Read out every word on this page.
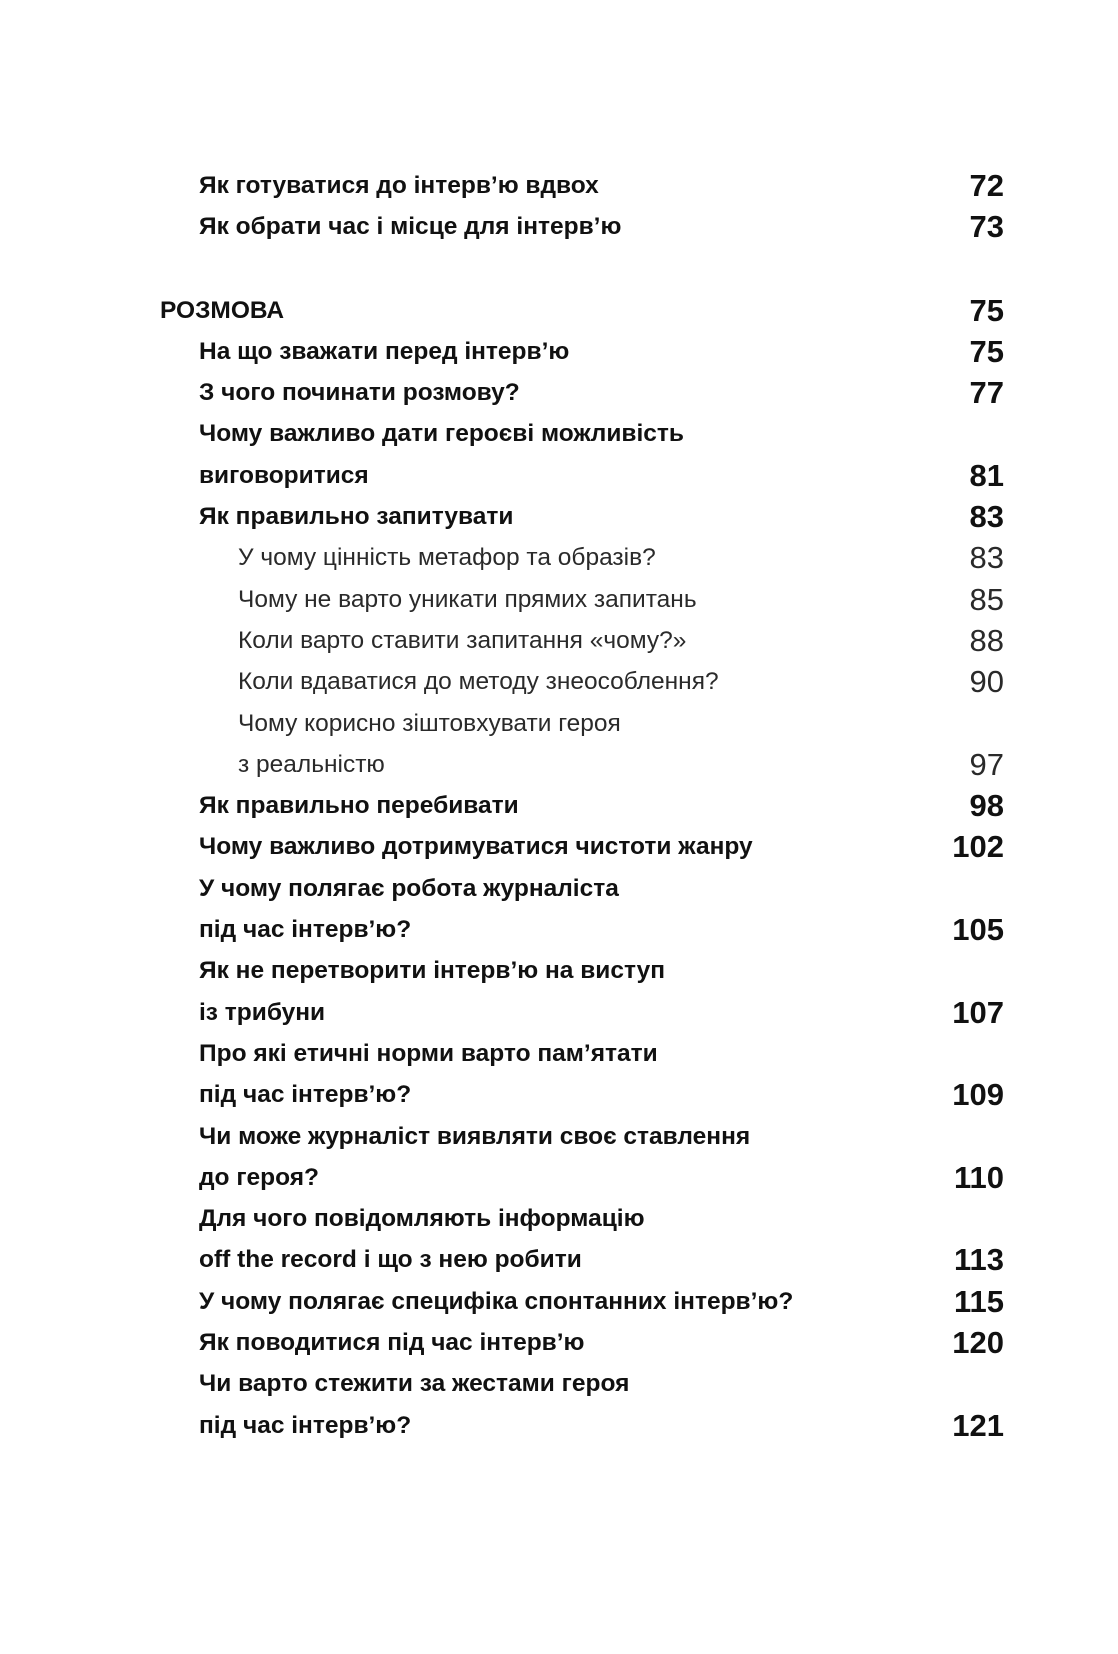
Як готуватися до інтерв’ю вдвох	72
Як обрати час і місце для інтерв’ю	73
РОЗМОВА	75
На що зважати перед інтерв’ю	75
З чого починати розмову?	77
Чому важливо дати героєві можливість
виговоритися	81
Як правильно запитувати	83
У чому цінність метафор та образів?	83
Чому не варто уникати прямих запитань	85
Коли варто ставити запитання «чому?»	88
Коли вдаватися до методу знеособлення?	90
Чому корисно зіштовхувати героя
з реальністю	97
Як правильно перебивати	98
Чому важливо дотримуватися чистоти жанру	102
У чому полягає робота журналіста
під час інтерв’ю?	105
Як не перетворити інтерв’ю на виступ
із трибуни	107
Про які етичні норми варто пам’ятати
під час інтерв’ю?	109
Чи може журналіст виявляти своє ставлення
до героя?	110
Для чого повідомляють інформацію
off the record і що з нею робити	113
У чому полягає специфіка спонтанних інтерв’ю?	115
Як поводитися під час інтерв’ю	120
Чи варто стежити за жестами героя
під час інтерв’ю?	121
